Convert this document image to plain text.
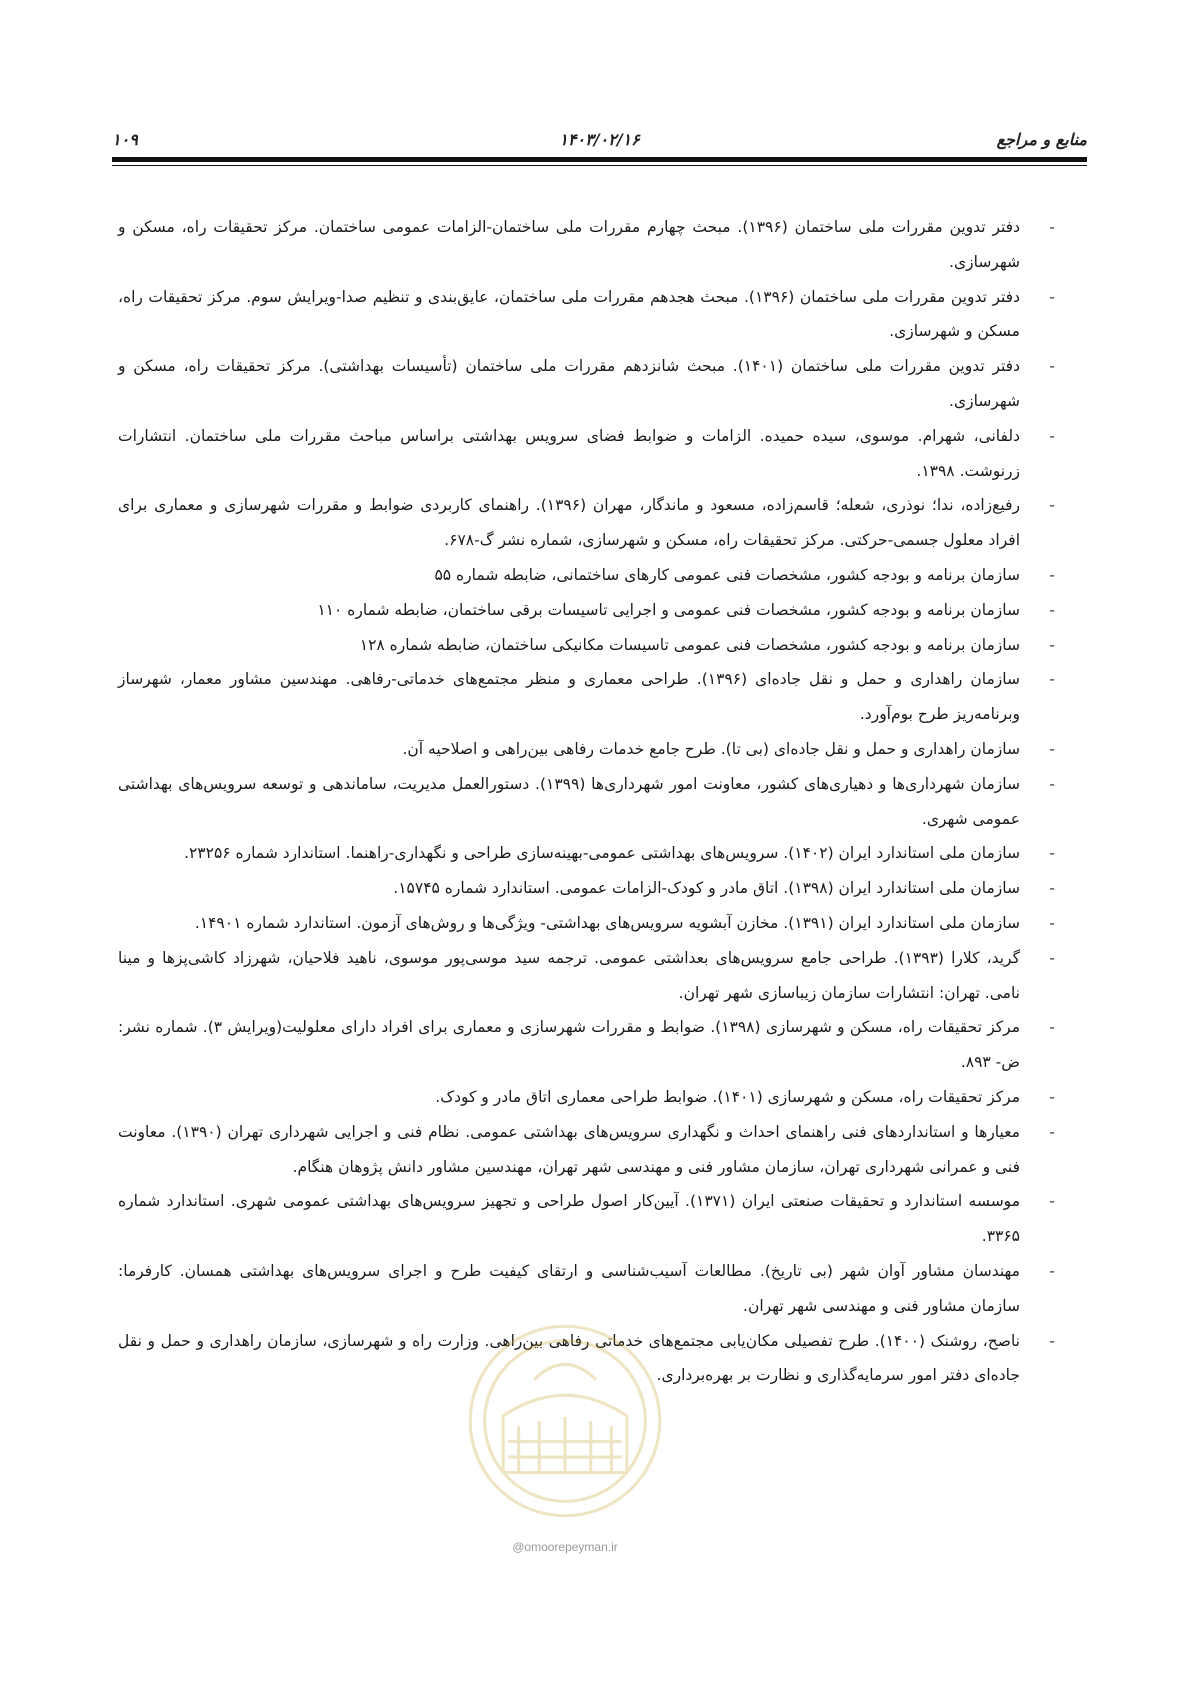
منابع و مراجع
۱۴۰۳/۰۲/۱۶
۱۰۹
-
دفتر تدوین مقررات ملی ساختمان (۱۳۹۶). مبحث چهارم مقررات ملی ساختمان-الزامات عمومی ساختمان. مرکز تحقیقات راه، مسکن و شهرسازی.
-
دفتر تدوین مقررات ملی ساختمان (۱۳۹۶). مبحث هجدهم مقررات ملی ساختمان، عایق‌بندی و تنظیم صدا-ویرایش سوم. مرکز تحقیقات راه، مسکن و شهرسازی.
-
دفتر تدوین مقررات ملی ساختمان (۱۴۰۱). مبحث شانزدهم مقررات ملی ساختمان (تأسیسات بهداشتی). مرکز تحقیقات راه، مسکن و شهرسازی.
-
دلفانی، شهرام. موسوی، سیده حمیده. الزامات و ضوابط فضای سرویس بهداشتی براساس مباحث مقررات ملی ساختمان. انتشارات زرنوشت. ۱۳۹۸.
-
رفیع‌زاده، ندا؛ نوذری، شعله؛ قاسم‌زاده، مسعود و ماندگار، مهران (۱۳۹۶). راهنمای کاربردی ضوابط و مقررات شهرسازی و معماری برای افراد معلول جسمی-حرکتی. مرکز تحقیقات راه، مسکن و شهرسازی، شماره نشر گ-۶۷۸.
-
سازمان برنامه و بودجه کشور، مشخصات فنی عمومی کارهای ساختمانی، ضابطه شماره ۵۵
-
سازمان برنامه و بودجه کشور، مشخصات فنی عمومی و اجرایی تاسیسات برقی ساختمان، ضابطه شماره ۱۱۰
-
سازمان برنامه و بودجه کشور، مشخصات فنی عمومی تاسیسات مکانیکی ساختمان، ضابطه شماره ۱۲۸
-
سازمان راهداری و حمل و نقل جاده‌ای (۱۳۹۶). طراحی معماری و منظر مجتمع‌های خدماتی-رفاهی. مهندسین مشاور معمار، شهرساز وبرنامه‌ریز طرح بوم‌آورد.
-
سازمان راهداری و حمل و نقل جاده‌ای (بی تا). طرح جامع خدمات رفاهی بین‌راهی و اصلاحیه آن.
-
سازمان شهرداری‌ها و دهیاری‌های کشور، معاونت امور شهرداری‌ها (۱۳۹۹). دستورالعمل مدیریت، ساماندهی و توسعه سرویس‌های بهداشتی عمومی شهری.
-
سازمان ملی استاندارد ایران (۱۴۰۲). سرویس‌های بهداشتی عمومی-بهینه‌سازی طراحی و نگهداری-راهنما. استاندارد شماره ۲۳۲۵۶.
-
سازمان ملی استاندارد ایران (۱۳۹۸). اتاق مادر و کودک-الزامات عمومی. استاندارد شماره ۱۵۷۴۵.
-
سازمان ملی استاندارد ایران (۱۳۹۱). مخازن آبشویه سرویس‌های بهداشتی- ویژگی‌ها و روش‌های آزمون. استاندارد شماره ۱۴۹۰۱.
-
گرید، کلارا (۱۳۹۳). طراحی جامع سرویس‌های بعداشتی عمومی. ترجمه سید موسی‌پور موسوی، ناهید فلاحیان، شهرزاد کاشی‌پزها و مینا نامی. تهران: انتشارات سازمان زیباسازی شهر تهران.
-
مرکز تحقیقات راه، مسکن و شهرسازی (۱۳۹۸). ضوابط و مقررات شهرسازی و معماری برای افراد دارای معلولیت(ویرایش ۳). شماره نشر: ض- ۸۹۳.
-
مرکز تحقیقات راه، مسکن و شهرسازی (۱۴۰۱). ضوابط طراحی معماری اتاق مادر و کودک.
-
معیارها و استانداردهای فنی راهنمای احداث و نگهداری سرویس‌های بهداشتی عمومی. نظام فنی و اجرایی شهرداری تهران (۱۳۹۰). معاونت فنی و عمرانی شهرداری تهران، سازمان مشاور فنی و مهندسی شهر تهران، مهندسین مشاور دانش پژوهان هنگام.
-
موسسه استاندارد و تحقیقات صنعتی ایران (۱۳۷۱). آیین‌کار اصول طراحی و تجهیز سرویس‌های بهداشتی عمومی شهری. استاندارد شماره ۳۳۶۵.
-
مهندسان مشاور آوان شهر (بی تاریخ). مطالعات آسیب‌شناسی و ارتقای کیفیت طرح و اجرای سرویس‌های بهداشتی همسان. کارفرما: سازمان مشاور فنی و مهندسی شهر تهران.
-
ناصح، روشنک (۱۴۰۰). طرح تفصیلی مکان‌یابی مجتمع‌های خدماتی رفاهی بین‌راهی. وزارت راه و شهرسازی، سازمان راهداری و حمل و نقل جاده‌ای دفتر امور سرمایه‌گذاری و نظارت بر بهره‌برداری.
@omoorepeyman.ir
